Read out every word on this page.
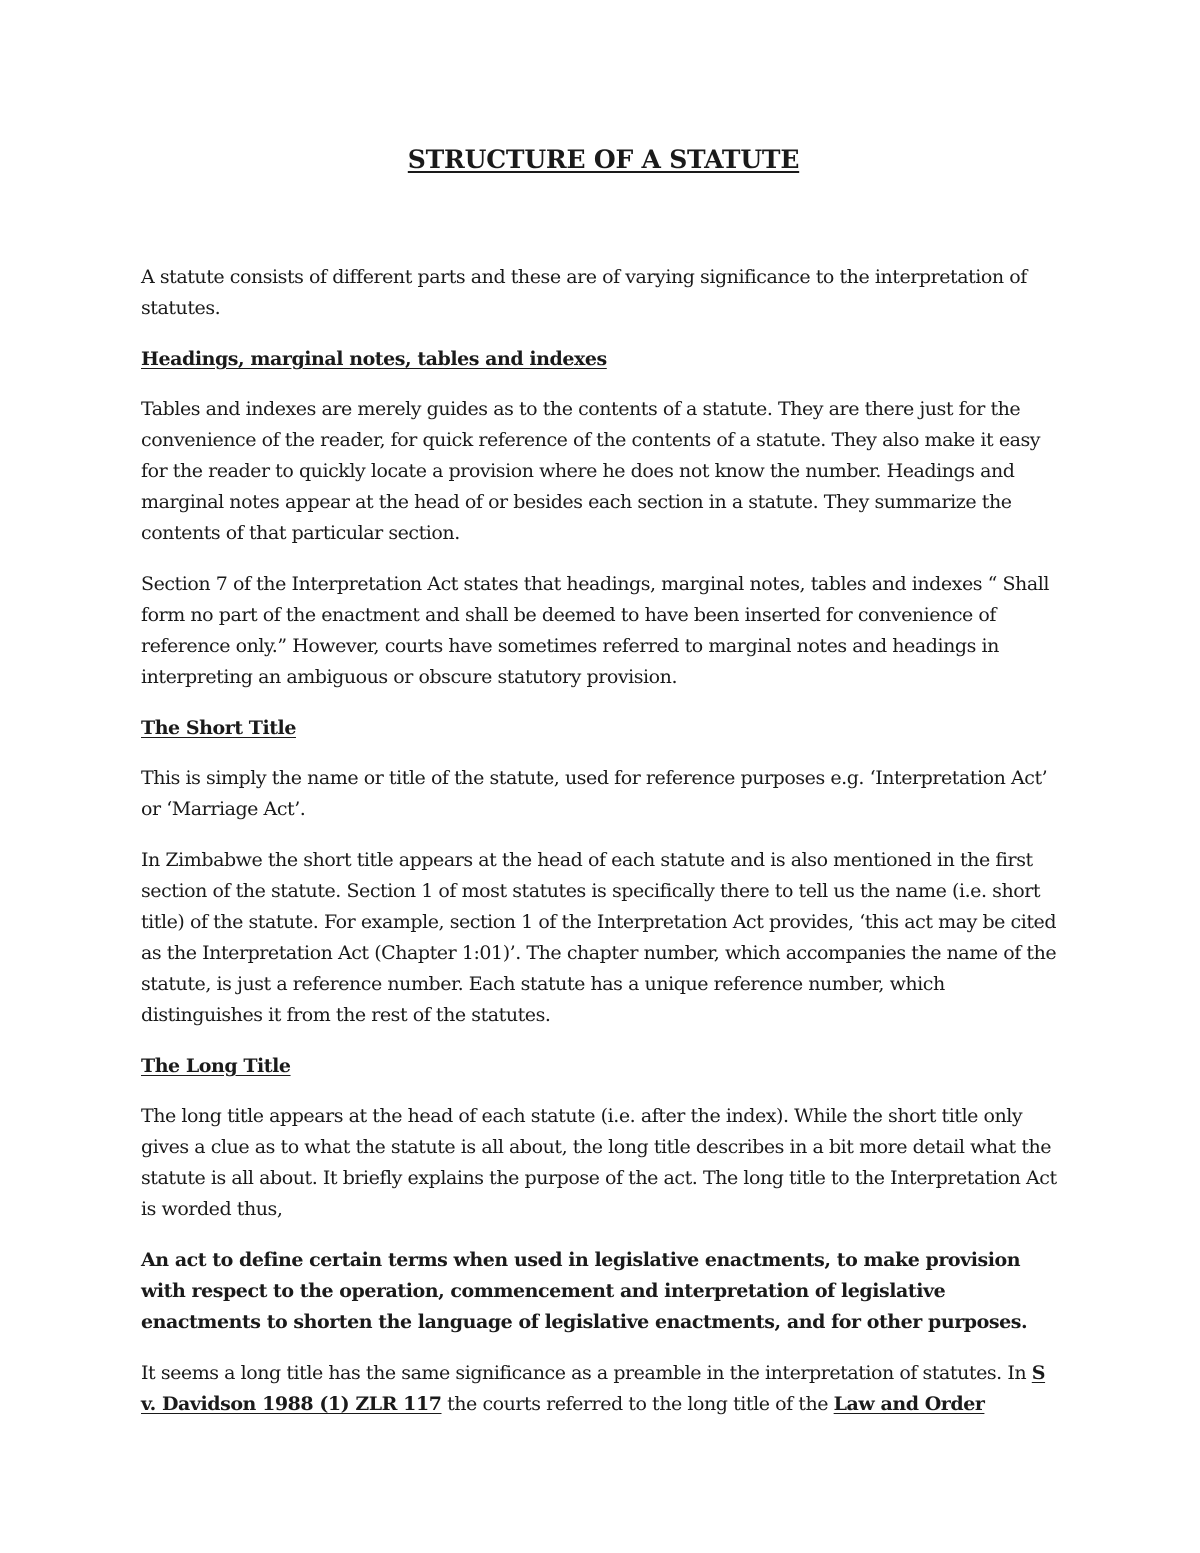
STRUCTURE OF A STATUTE

A statute consists of different parts and these are of varying significance to the interpretation of statutes.

Headings, marginal notes, tables and indexes

Tables and indexes are merely guides as to the contents of a statute. They are there just for the convenience of the reader, for quick reference of the contents of a statute. They also make it easy for the reader to quickly locate a provision where he does not know the number. Headings and marginal notes appear at the head of or besides each section in a statute. They summarize the contents of that particular section.

Section 7 of the Interpretation Act states that headings, marginal notes, tables and indexes “ Shall form no part of the enactment and shall be deemed to have been inserted for convenience of reference only.” However, courts have sometimes referred to marginal notes and headings in interpreting an ambiguous or obscure statutory provision.

The Short Title

This is simply the name or title of the statute, used for reference purposes e.g. ‘Interpretation Act’ or ‘Marriage Act’.

In Zimbabwe the short title appears at the head of each statute and is also mentioned in the first section of the statute. Section 1 of most statutes is specifically there to tell us the name (i.e. short title) of the statute. For example, section 1 of the Interpretation Act provides, ‘this act may be cited as the Interpretation Act (Chapter 1:01)’. The chapter number, which accompanies the name of the statute, is just a reference number. Each statute has a unique reference number, which distinguishes it from the rest of the statutes.

The Long Title

The long title appears at the head of each statute (i.e. after the index). While the short title only gives a clue as to what the statute is all about, the long title describes in a bit more detail what the statute is all about. It briefly explains the purpose of the act. The long title to the Interpretation Act is worded thus,

An act to define certain terms when used in legislative enactments, to make provision with respect to the operation, commencement and interpretation of legislative enactments to shorten the language of legislative enactments, and for other purposes.

It seems a long title has the same significance as a preamble in the interpretation of statutes. In S v. Davidson 1988 (1) ZLR 117 the courts referred to the long title of the Law and Order
